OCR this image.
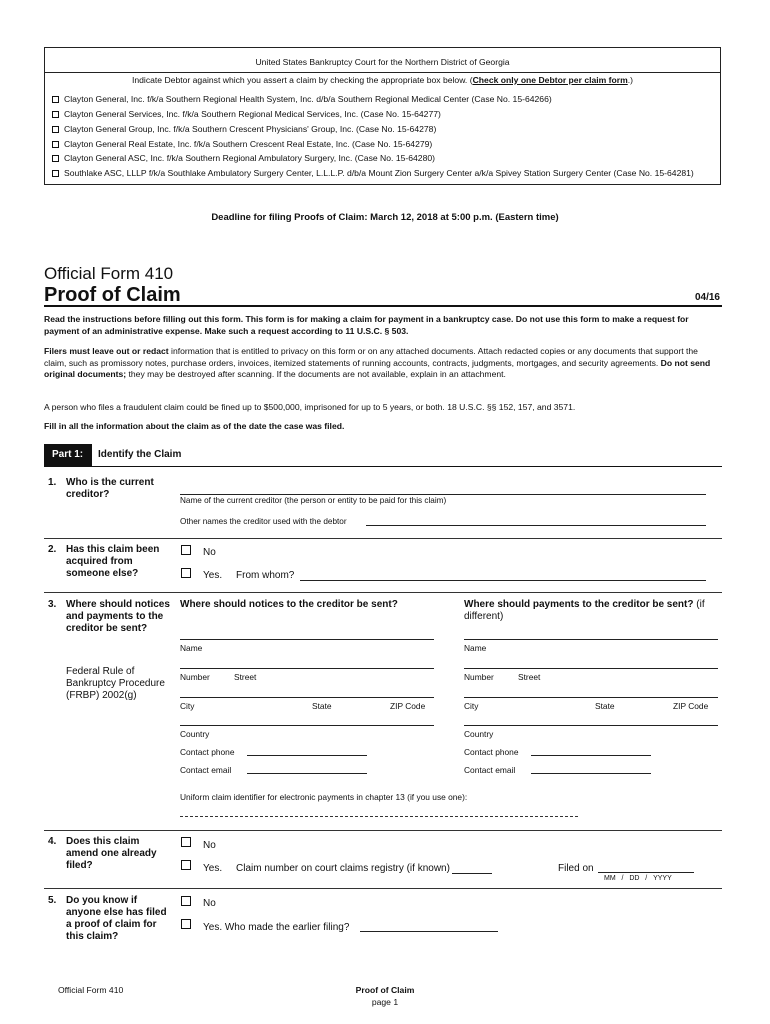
United States Bankruptcy Court for the Northern District of Georgia
Indicate Debtor against which you assert a claim by checking the appropriate box below. (Check only one Debtor per claim form.)
Clayton General, Inc. f/k/a Southern Regional Health System, Inc. d/b/a Southern Regional Medical Center (Case No. 15-64266)
Clayton General Services, Inc. f/k/a Southern Regional Medical Services, Inc. (Case No. 15-64277)
Clayton General Group, Inc. f/k/a Southern Crescent Physicians' Group, Inc. (Case No. 15-64278)
Clayton General Real Estate, Inc. f/k/a Southern Crescent Real Estate, Inc. (Case No. 15-64279)
Clayton General ASC, Inc. f/k/a Southern Regional Ambulatory Surgery, Inc. (Case No. 15-64280)
Southlake ASC, LLLP f/k/a Southlake Ambulatory Surgery Center, L.L.L.P. d/b/a Mount Zion Surgery Center a/k/a Spivey Station Surgery Center (Case No. 15-64281)
Deadline for filing Proofs of Claim: March 12, 2018 at 5:00 p.m. (Eastern time)
Official Form 410
Proof of Claim	04/16
Read the instructions before filling out this form. This form is for making a claim for payment in a bankruptcy case. Do not use this form to make a request for payment of an administrative expense. Make such a request according to 11 U.S.C. § 503.
Filers must leave out or redact information that is entitled to privacy on this form or on any attached documents. Attach redacted copies or any documents that support the claim, such as promissory notes, purchase orders, invoices, itemized statements of running accounts, contracts, judgments, mortgages, and security agreements. Do not send original documents; they may be destroyed after scanning. If the documents are not available, explain in an attachment.
A person who files a fraudulent claim could be fined up to $500,000, imprisoned for up to 5 years, or both. 18 U.S.C. §§ 152, 157, and 3571.
Fill in all the information about the claim as of the date the case was filed.
Part 1:	Identify the Claim
1. Who is the current creditor?
Name of the current creditor (the person or entity to be paid for this claim)
Other names the creditor used with the debtor
2. Has this claim been acquired from someone else?
No
Yes. From whom?
3. Where should notices and payments to the creditor be sent?
Federal Rule of Bankruptcy Procedure (FRBP) 2002(g)
Where should notices to the creditor be sent?	Where should payments to the creditor be sent? (if different)
Name
Number	Street
City	State	ZIP Code
Country
Contact phone
Contact email
Name
Number	Street
City	State	ZIP Code
Country
Contact phone
Contact email
Uniform claim identifier for electronic payments in chapter 13 (if you use one):
4. Does this claim amend one already filed?
No
Yes. Claim number on court claims registry (if known)	Filed on
MM / DD / YYYY
5. Do you know if anyone else has filed a proof of claim for this claim?
No
Yes. Who made the earlier filing?
Official Form 410	Proof of Claim
page 1
